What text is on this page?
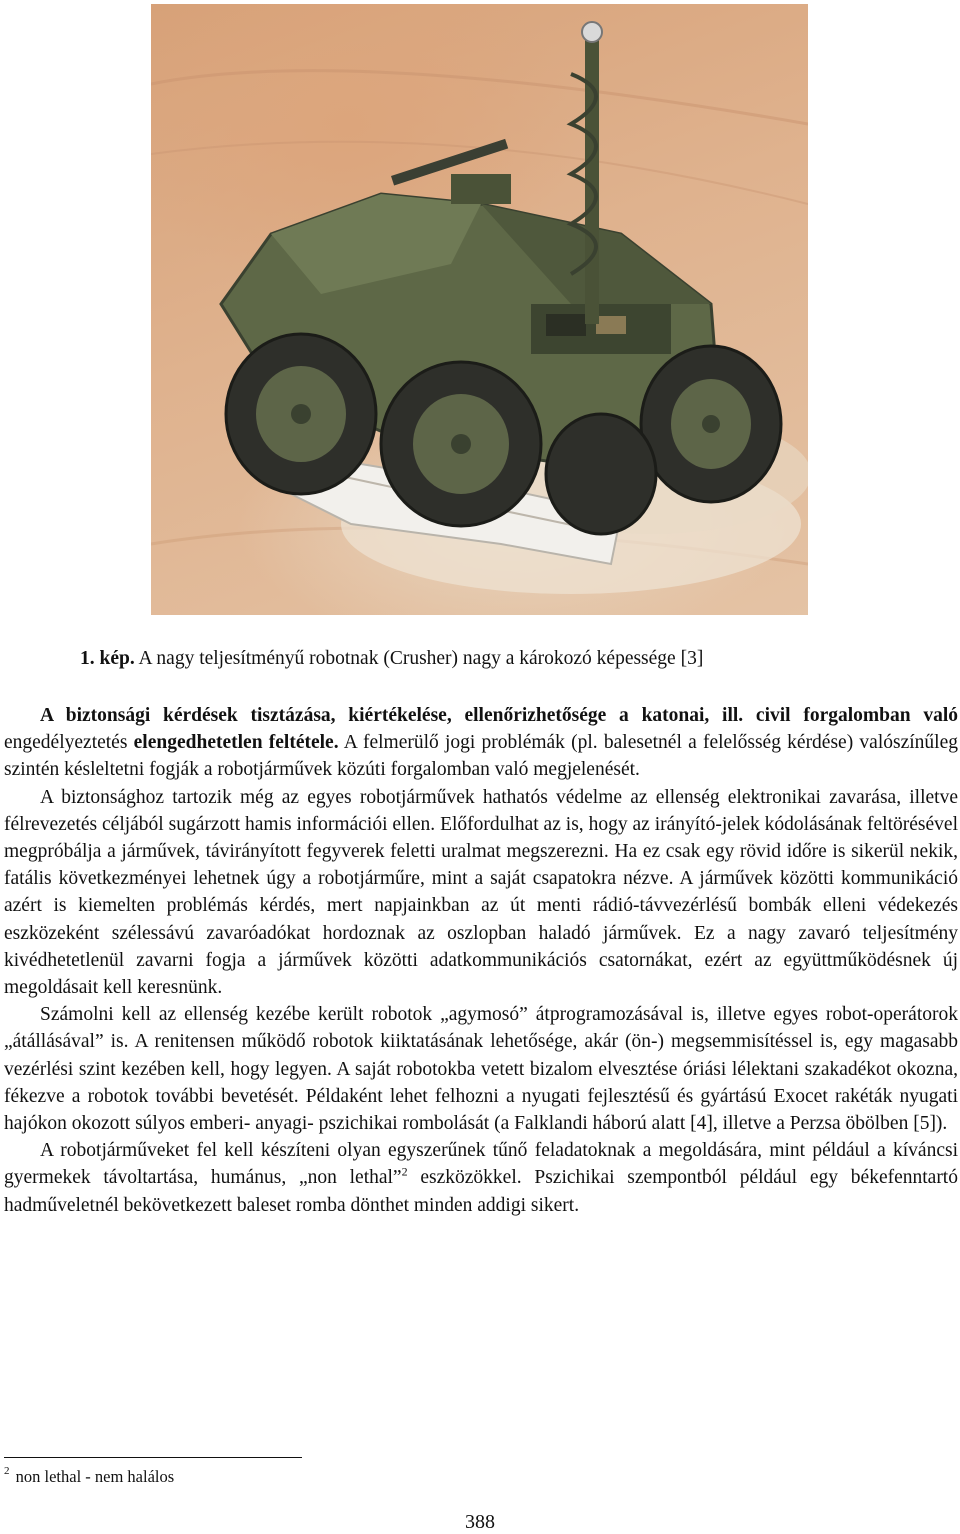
1. kép. A nagy teljesítményű robotnak (Crusher) nagy a károkozó képessége [3]

A biztonsági kérdések tisztázása, kiértékelése, ellenőrizhetősége a katonai, ill. civil forgalomban való engedélyeztetés elengedhetetlen feltétele. A felmerülő jogi problémák (pl. balesetnél a felelősség kérdése) valószínűleg szintén késleltetni fogják a robotjárművek közúti forgalomban való megjelenését.

A biztonsághoz tartozik még az egyes robotjárművek hathatós védelme az ellenség elektronikai zavarása, illetve félrevezetés céljából sugárzott hamis információi ellen. Előfordulhat az is, hogy az irányító-jelek kódolásának feltörésével megpróbálja a járművek, távirányított fegyverek feletti uralmat megszerezni. Ha ez csak egy rövid időre is sikerül nekik, fatális következményei lehetnek úgy a robotjárműre, mint a saját csapatokra nézve. A járművek közötti kommunikáció azért is kiemelten problémás kérdés, mert napjainkban az út menti rádió-távvezérlésű bombák elleni védekezés eszközeként szélessávú zavaróadókat hordoznak az oszlopban haladó járművek. Ez a nagy zavaró teljesítmény kivédhetetlenül zavarni fogja a járművek közötti adatkommunikációs csatornákat, ezért az együttműködésnek új megoldásait kell keresnünk.

Számolni kell az ellenség kezébe került robotok „agymosó” átprogramozásával is, illetve egyes robot-operátorok „átállásával” is. A renitensen működő robotok kiiktatásának lehetősége, akár (ön-) megsemmisítéssel is, egy magasabb vezérlési szint kezében kell, hogy legyen. A saját robotokba vetett bizalom elvesztése óriási lélektani szakadékot okozna, fékezve a robotok további bevetését. Példaként lehet felhozni a nyugati fejlesztésű és gyártású Exocet rakéták nyugati hajókon okozott súlyos emberi- anyagi- pszichikai rombolását (a Falklandi háború alatt [4], illetve a Perzsa öbölben [5]).

A robotjárműveket fel kell készíteni olyan egyszerűnek tűnő feladatoknak a megoldására, mint például a kíváncsi gyermekek távoltartása, humánus, „non lethal”$^2$ eszközökkel. Pszichikai szempontból például egy békefenntartó hadműveletnél bekövetkezett baleset romba dönthet minden addigi sikert.

$^2$ non lethal - nem halálos
388
